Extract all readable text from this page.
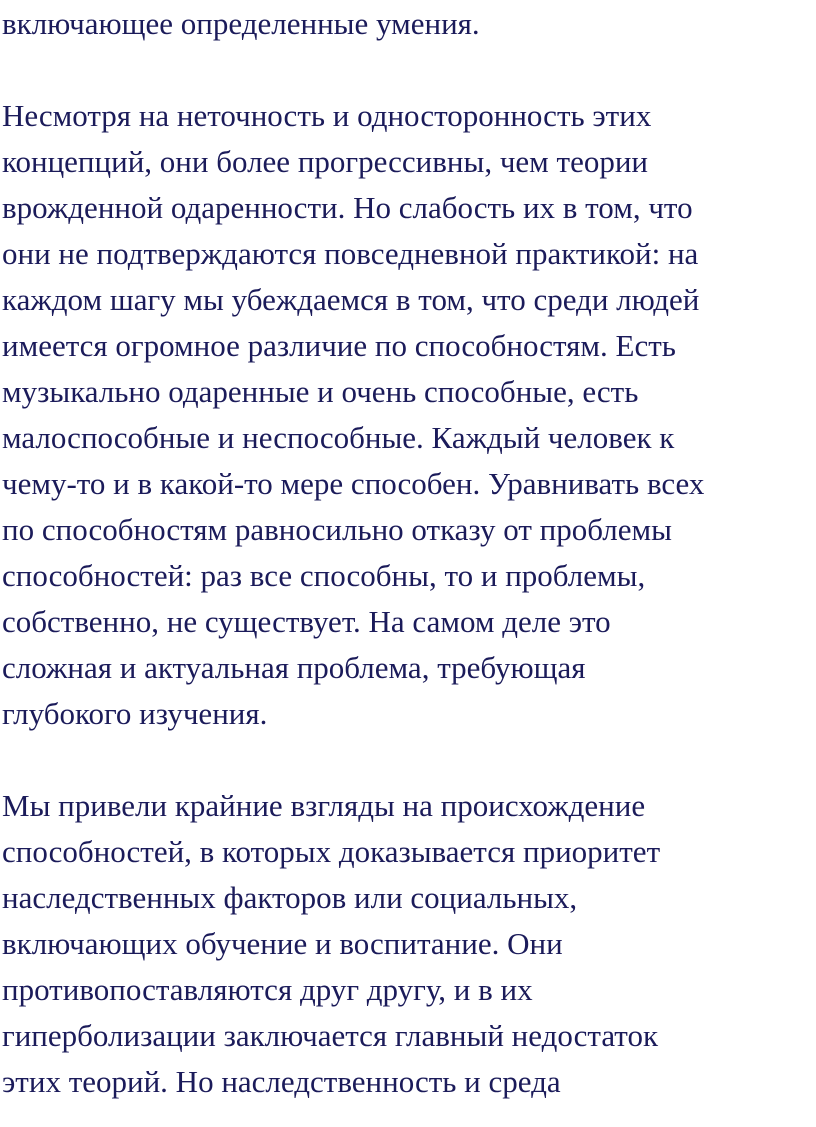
включающее определенные умения.

Несмотря на неточность и односторонность этих

концепций, они более прогрессивны, чем теории

врожденной одаренности. Но слабость их в том, что

они не подтверждаются повседневной практикой: на

каждом шагу мы убеждаемся в том, что среди людей

имеется огромное различие по способностям. Есть

музыкально одаренные и очень способные, есть

малоспособные и неспособные. Каждый человек к

чему-то и в какой-то мере способен. Уравнивать всех

по способностям равносильно отказу от проблемы

способностей: раз все способны, то и проблемы,

собственно, не существует. На самом деле это

сложная и актуальная проблема, требующая

глубокого изучения.

Мы привели крайние взгляды на происхождение

способностей, в которых доказывается приоритет

наследственных факторов или социальных,

включающих обучение и воспитание. Они

противопоставляются друг другу, и в их

гиперболизации заключается главный недостаток

этих теорий. Но наследственность и среда
